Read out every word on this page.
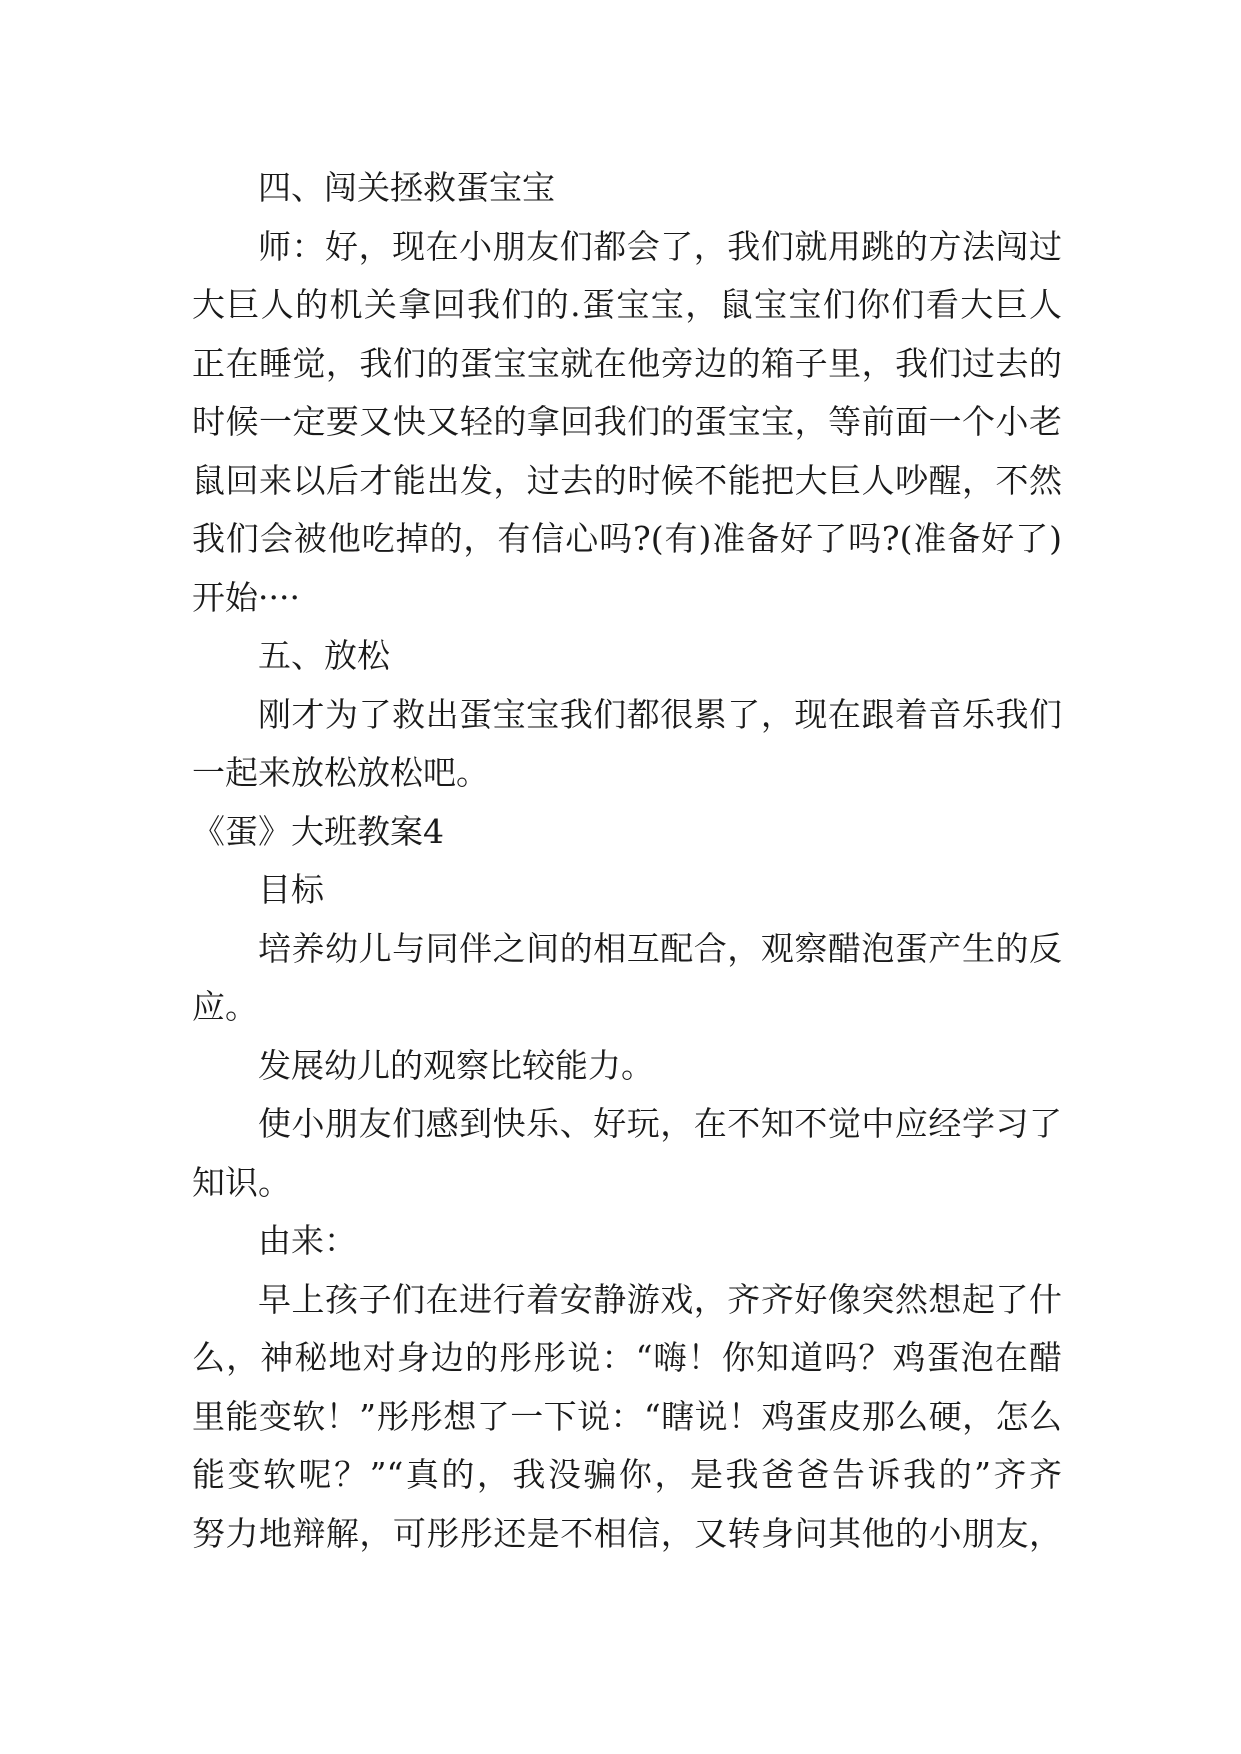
四、闯关拯救蛋宝宝
师：好，现在小朋友们都会了，我们就用跳的方法闯过
大巨人的机关拿回我们的.蛋宝宝，鼠宝宝们你们看大巨人
正在睡觉，我们的蛋宝宝就在他旁边的箱子里，我们过去的
时候一定要又快又轻的拿回我们的蛋宝宝，等前面一个小老
鼠回来以后才能出发，过去的时候不能把大巨人吵醒，不然
我们会被他吃掉的，有信心吗?(有)准备好了吗?(准备好了)
开始····
五、放松
刚才为了救出蛋宝宝我们都很累了，现在跟着音乐我们
一起来放松放松吧。
《蛋》大班教案4
目标
培养幼儿与同伴之间的相互配合，观察醋泡蛋产生的反
应。
发展幼儿的观察比较能力。
使小朋友们感到快乐、好玩，在不知不觉中应经学习了
知识。
由来：
早上孩子们在进行着安静游戏，齐齐好像突然想起了什
么，神秘地对身边的彤彤说：“嗨！你知道吗？鸡蛋泡在醋
里能变软！”彤彤想了一下说：“瞎说！鸡蛋皮那么硬，怎么
能变软呢？”“真的，我没骗你，是我爸爸告诉我的”齐齐
努力地辩解，可彤彤还是不相信，又转身问其他的小朋友，
